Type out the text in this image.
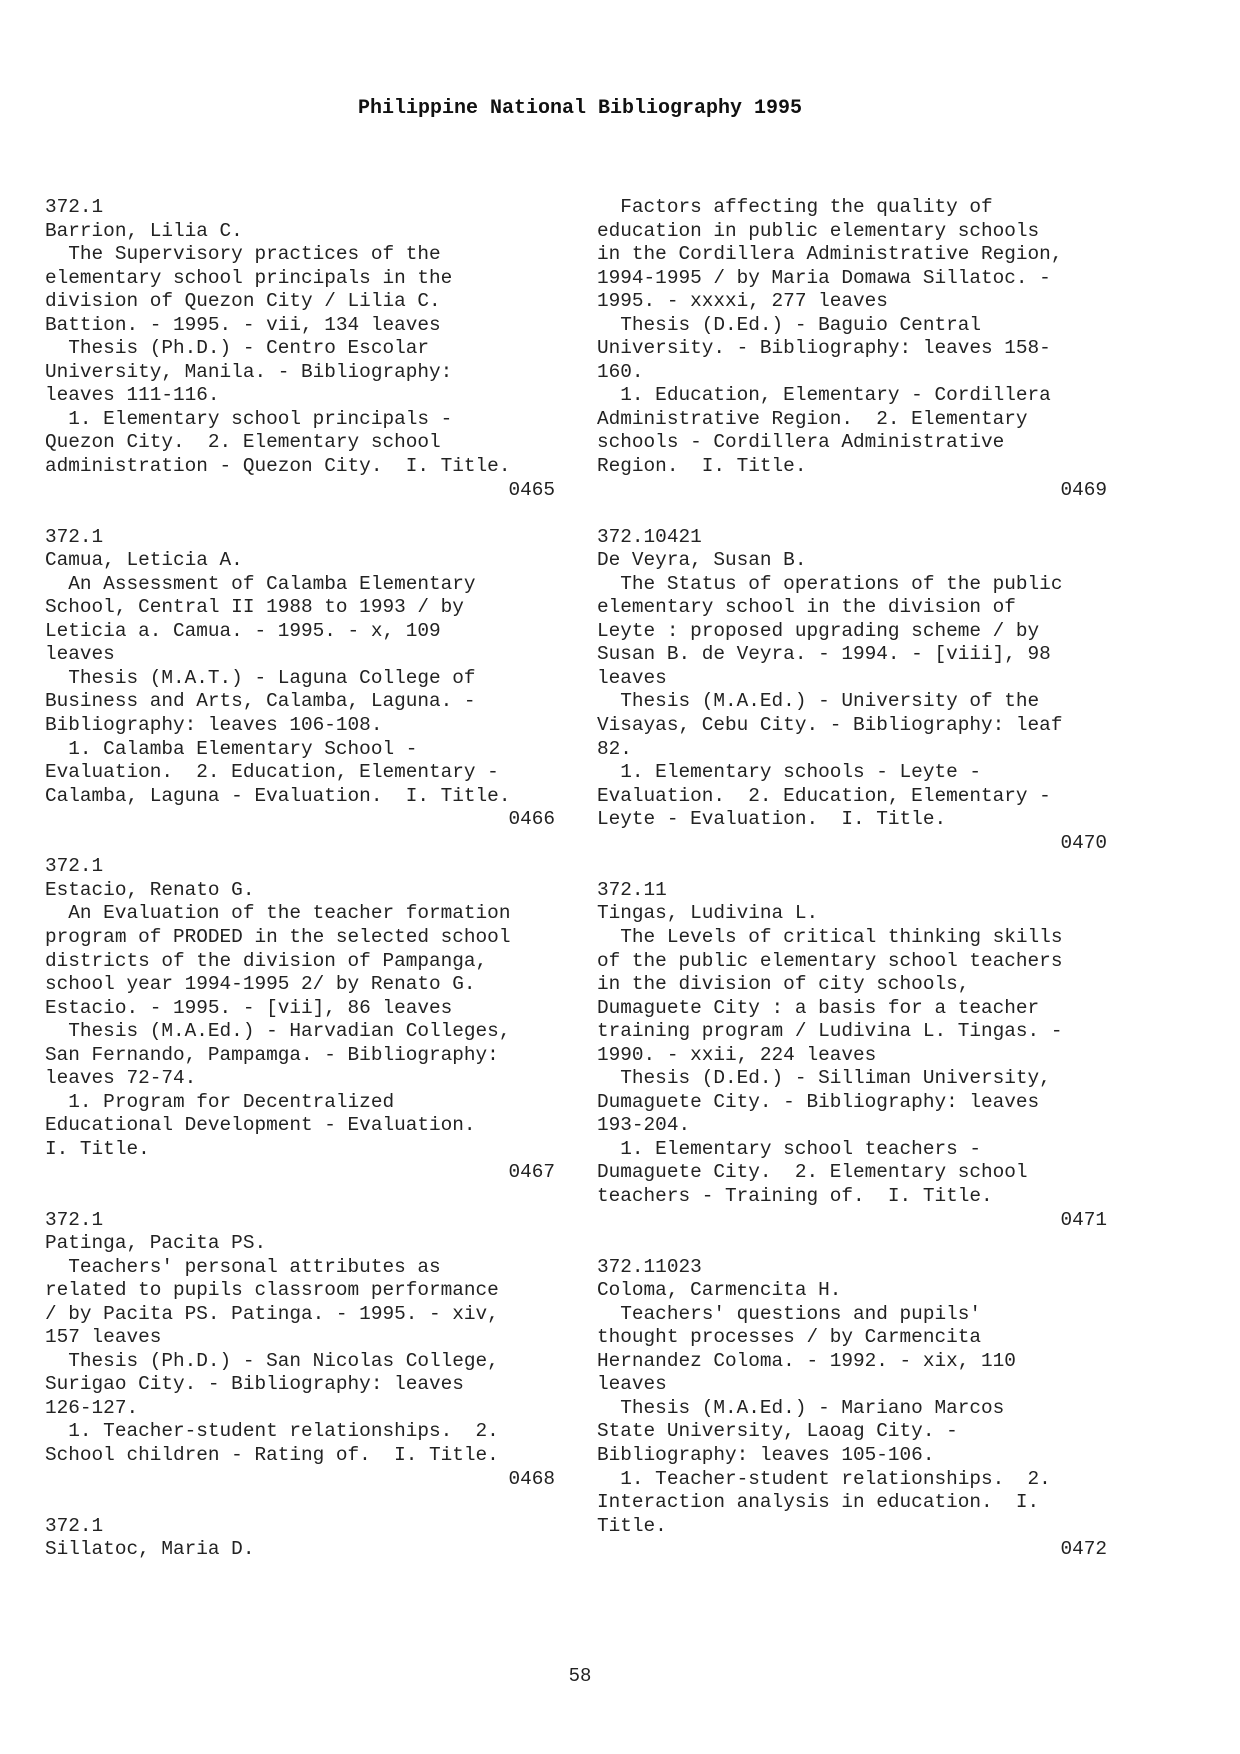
Philippine National Bibliography 1995
372.1
Barrion, Lilia C.
The Supervisory practices of the
elementary school principals in the
division of Quezon City / Lilia C.
Battion. - 1995. - vii, 134 leaves
Thesis (Ph.D.) - Centro Escolar
University, Manila. - Bibliography:
leaves 111-116.
1. Elementary school principals -
Quezon City.  2. Elementary school
administration - Quezon City.  I. Title.
0465
372.1
Camua, Leticia A.
An Assessment of Calamba Elementary
School, Central II 1988 to 1993 / by
Leticia a. Camua. - 1995. - x, 109
leaves
Thesis (M.A.T.) - Laguna College of
Business and Arts, Calamba, Laguna. -
Bibliography: leaves 106-108.
1. Calamba Elementary School -
Evaluation.  2. Education, Elementary -
Calamba, Laguna - Evaluation.  I. Title.
0466
372.1
Estacio, Renato G.
An Evaluation of the teacher formation
program of PRODED in the selected school
districts of the division of Pampanga,
school year 1994-1995 2/ by Renato G.
Estacio. - 1995. - [vii], 86 leaves
Thesis (M.A.Ed.) - Harvadian Colleges,
San Fernando, Pampamga. - Bibliography:
leaves 72-74.
1. Program for Decentralized
Educational Development - Evaluation.
I. Title.
0467
372.1
Patinga, Pacita PS.
Teachers' personal attributes as
related to pupils classroom performance
/ by Pacita PS. Patinga. - 1995. - xiv,
157 leaves
Thesis (Ph.D.) - San Nicolas College,
Surigao City. - Bibliography: leaves
126-127.
1. Teacher-student relationships.  2.
School children - Rating of.  I. Title.
0468
372.1
Sillatoc, Maria D.
Factors affecting the quality of
education in public elementary schools
in the Cordillera Administrative Region,
1994-1995 / by Maria Domawa Sillatoc. -
1995. - xxxxi, 277 leaves
Thesis (D.Ed.) - Baguio Central
University. - Bibliography: leaves 158-
160.
1. Education, Elementary - Cordillera
Administrative Region.  2. Elementary
schools - Cordillera Administrative
Region.  I. Title.
0469
372.10421
De Veyra, Susan B.
The Status of operations of the public
elementary school in the division of
Leyte : proposed upgrading scheme / by
Susan B. de Veyra. - 1994. - [viii], 98
leaves
Thesis (M.A.Ed.) - University of the
Visayas, Cebu City. - Bibliography: leaf
82.
1. Elementary schools - Leyte -
Evaluation.  2. Education, Elementary -
Leyte - Evaluation.  I. Title.
0470
372.11
Tingas, Ludivina L.
The Levels of critical thinking skills
of the public elementary school teachers
in the division of city schools,
Dumaguete City : a basis for a teacher
training program / Ludivina L. Tingas. -
1990. - xxii, 224 leaves
Thesis (D.Ed.) - Silliman University,
Dumaguete City. - Bibliography: leaves
193-204.
1. Elementary school teachers -
Dumaguete City.  2. Elementary school
teachers - Training of.  I. Title.
0471
372.11023
Coloma, Carmencita H.
Teachers' questions and pupils'
thought processes / by Carmencita
Hernandez Coloma. - 1992. - xix, 110
leaves
Thesis (M.A.Ed.) - Mariano Marcos
State University, Laoag City. -
Bibliography: leaves 105-106.
1. Teacher-student relationships.  2.
Interaction analysis in education.  I.
Title.
0472
58
